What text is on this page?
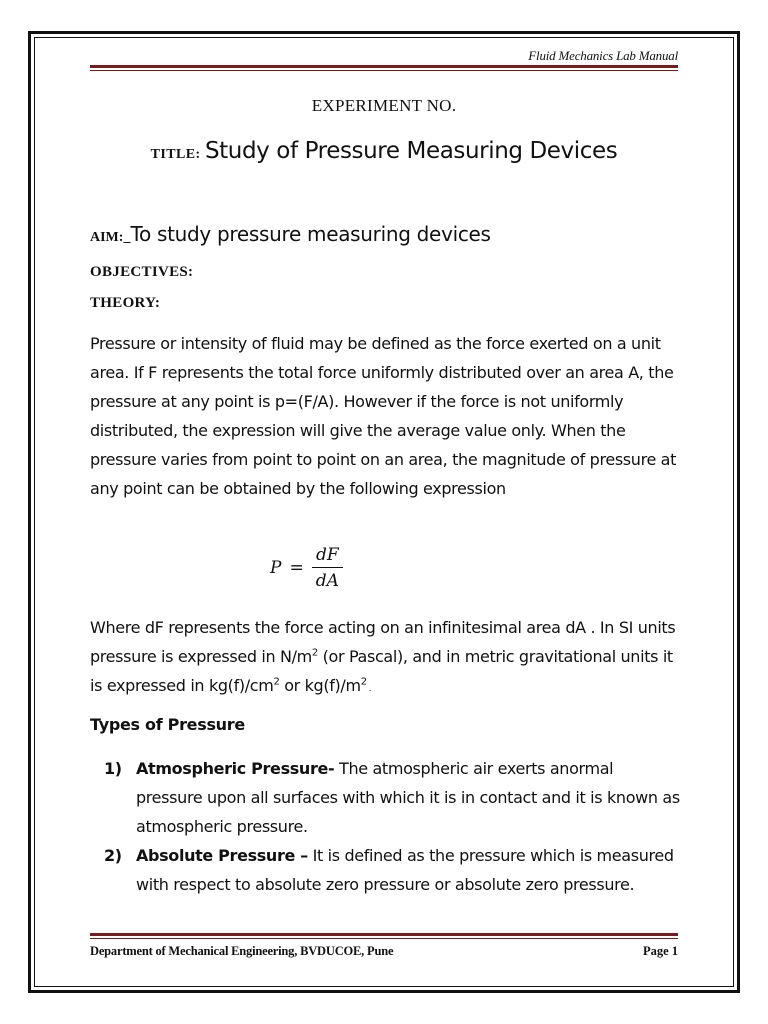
Fluid Mechanics Lab Manual
EXPERIMENT NO.
TITLE: Study of Pressure Measuring Devices
AIM:_To study pressure measuring devices
OBJECTIVES:
THEORY:

Pressure or intensity of fluid may be defined as the force exerted on a unit area. If F represents the total force uniformly distributed over an area A, the pressure at any point is p=(F/A). However if the force is not uniformly distributed, the expression will give the average value only. When the pressure varies from point to point on an area, the magnitude of pressure at any point can be obtained by the following expression

$P = \frac{dF}{dA}$

Where dF represents the force acting on an infinitesimal area dA . In SI units pressure is expressed in $N/m^2$ (or Pascal), and in metric gravitational units it is expressed in $kg(f)/cm^2$ or $kg(f)/m^2$ .

Types of Pressure
1) Atmospheric Pressure- The atmospheric air exerts anormal pressure upon all surfaces with which it is in contact and it is known as atmospheric pressure.
2) Absolute Pressure – It is defined as the pressure which is measured with respect to absolute zero pressure or absolute zero pressure.
Department of Mechanical Engineering, BVDUCOE, Pune	Page 1
